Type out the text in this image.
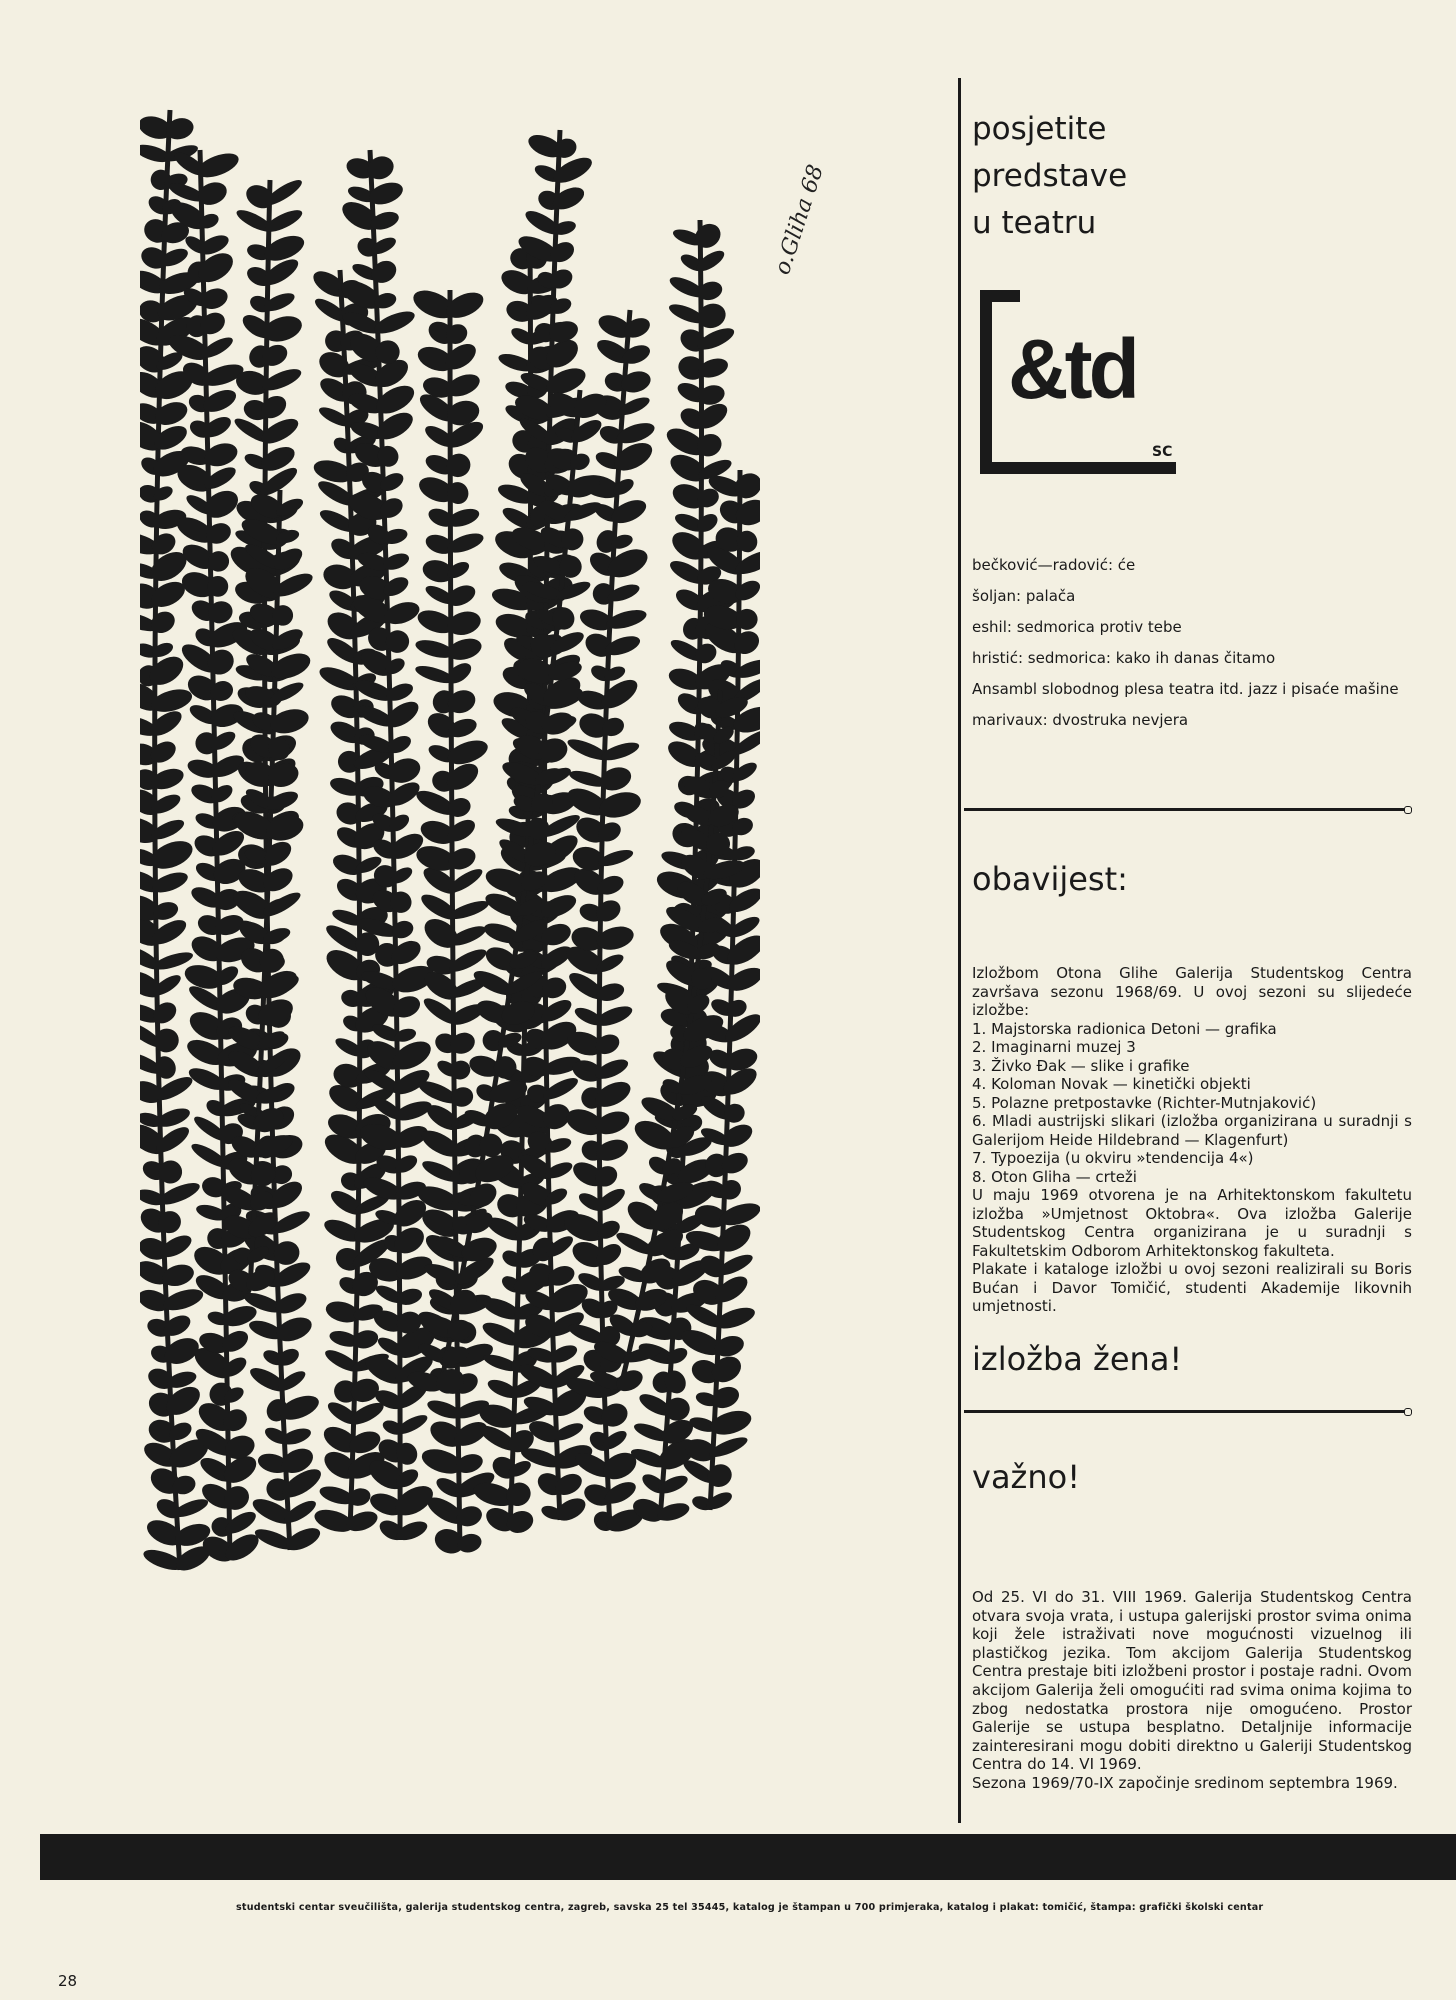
o.Gliha 68
posjetite
predstave
u teatru
&td
SC
bečković—radović: će
šoljan: palača
eshil: sedmorica protiv tebe
hristić: sedmorica: kako ih danas čitamo
Ansambl slobodnog plesa teatra itd. jazz i pisaće mašine
marivaux: dvostruka nevjera
obavijest:

Izložbom Otona Glihe Galerija Studentskog Centra završava sezonu 1968/69. U ovoj sezoni su slijedeće izložbe:

1. Majstorska radionica Detoni — grafika
2. Imaginarni muzej 3
3. Živko Đak — slike i grafike
4. Koloman Novak — kinetički objekti
5. Polazne pretpostavke (Richter-Mutnjaković)
6. Mladi austrijski slikari (izložba organizirana u suradnji s Galerijom Heide Hildebrand — Klagenfurt)
7. Typoezija (u okviru »tendencija 4«)
8. Oton Gliha — crteži

U maju 1969 otvorena je na Arhitektonskom fakultetu izložba »Umjetnost Oktobra«. Ova izložba Galerije Studentskog Centra organizirana je u suradnji s Fakultetskim Odborom Arhitektonskog fakulteta.

Plakate i kataloge izložbi u ovoj sezoni realizirali su Boris Bućan i Davor Tomičić, studenti Akademije likovnih umjetnosti.

izložba žena!
važno!

Od 25. VI do 31. VIII 1969. Galerija Studentskog Centra otvara svoja vrata, i ustupa galerijski prostor svima onima koji žele istraživati nove mogućnosti vizuelnog ili plastičkog jezika. Tom akcijom Galerija Studentskog Centra prestaje biti izložbeni prostor i postaje radni. Ovom akcijom Galerija želi omogućiti rad svima onima kojima to zbog nedostatka prostora nije omogućeno. Prostor Galerije se ustupa besplatno. Detaljnije informacije zainteresirani mogu dobiti direktno u Galeriji Studentskog Centra do 14. VI 1969.

Sezona 1969/70-IX započinje sredinom septembra 1969.

studentski centar sveučilišta, galerija studentskog centra, zagreb, savska 25 tel 35445, katalog je štampan u 700 primjeraka, katalog i plakat: tomičić, štampa: grafički školski centar
28
